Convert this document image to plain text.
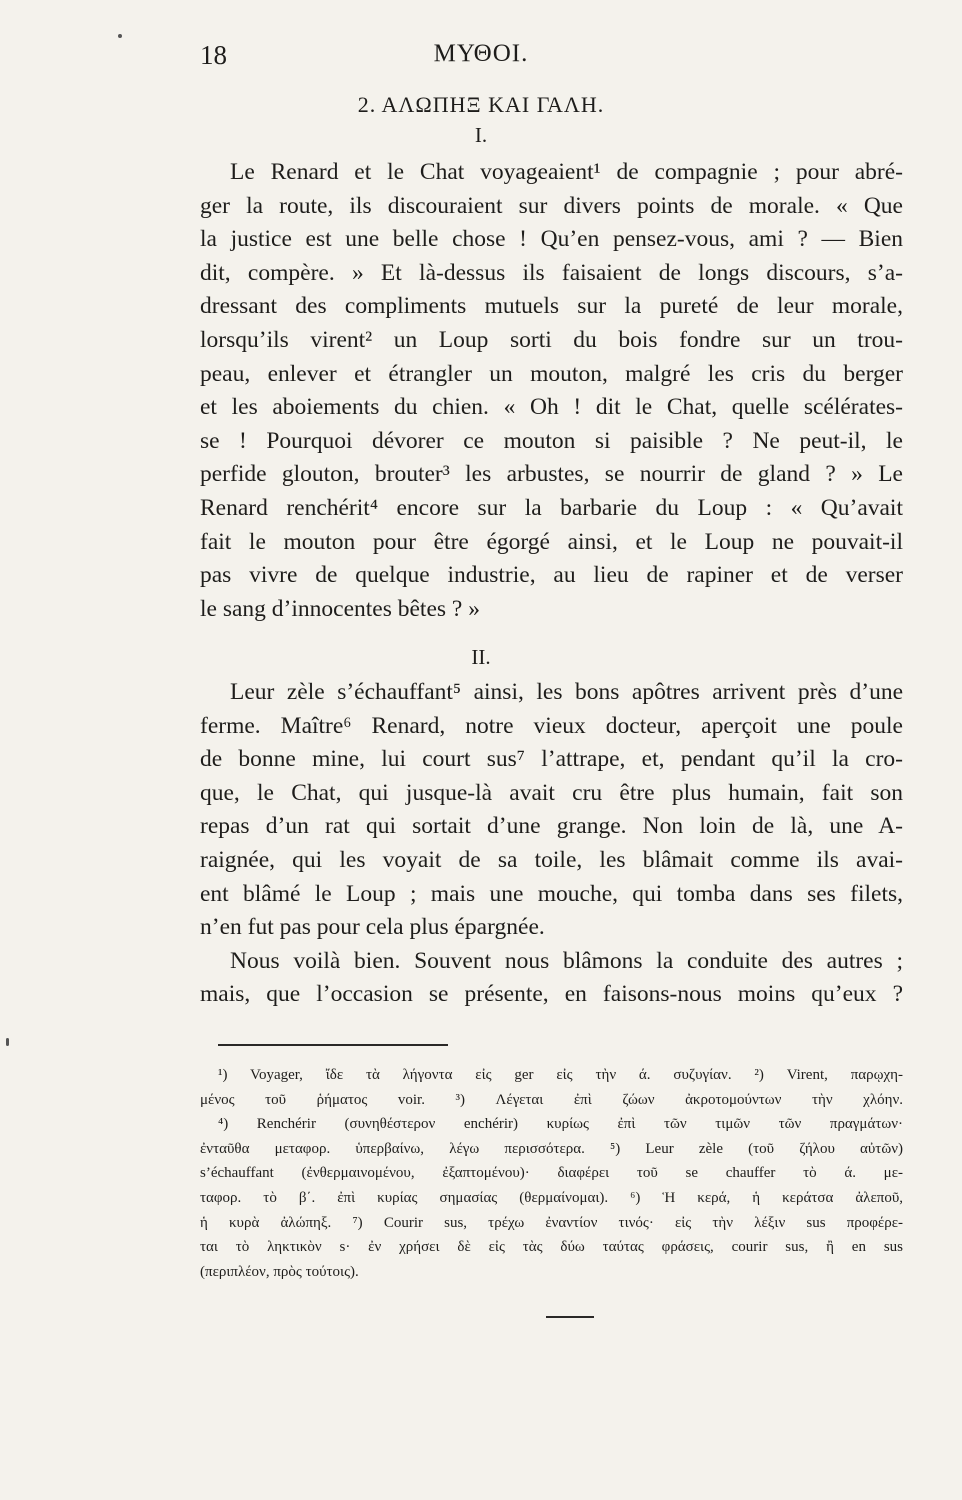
18	ΜΥΘΟΙ.
2. ΑΛΩΠΗΞ ΚΑΙ ΓΑΛΗ.
I.
Le Renard et le Chat voyageaient¹ de compagnie ; pour abré-
ger la route, ils discouraient sur divers points de morale. « Que
la justice est une belle chose ! Qu’en pensez-vous, ami ? — Bien
dit, compère. » Et là-dessus ils faisaient de longs discours, s’a-
dressant des compliments mutuels sur la pureté de leur morale,
lorsqu’ils virent² un Loup sorti du bois fondre sur un trou-
peau, enlever et étrangler un mouton, malgré les cris du berger
et les aboiements du chien. « Oh ! dit le Chat, quelle scélérates-
se ! Pourquoi dévorer ce mouton si paisible ? Ne peut-il, le
perfide glouton, brouter³ les arbustes, se nourrir de gland ? » Le
Renard renchérit⁴ encore sur la barbarie du Loup : « Qu’avait
fait le mouton pour être égorgé ainsi, et le Loup ne pouvait-il
pas vivre de quelque industrie, au lieu de rapiner et de verser
le sang d’innocentes bêtes ? »
II.
Leur zèle s’échauffant⁵ ainsi, les bons apôtres arrivent près d’une
ferme. Maître⁶ Renard, notre vieux docteur, aperçoit une poule
de bonne mine, lui court sus⁷ l’attrape, et, pendant qu’il la cro-
que, le Chat, qui jusque-là avait cru être plus humain, fait son
repas d’un rat qui sortait d’une grange. Non loin de là, une A-
raignée, qui les voyait de sa toile, les blâmait comme ils avai-
ent blâmé le Loup ; mais une mouche, qui tomba dans ses filets,
n’en fut pas pour cela plus épargnée.
Nous voilà bien. Souvent nous blâmons la conduite des autres ;
mais, que l’occasion se présente, en faisons-nous moins qu’eux ?
¹) Voyager, ἴδε τὰ λήγοντα εἰς ger εἰς τὴν ά. συζυγίαν. ²) Virent, παρῳχη-
μένος τοῦ ῥήματος voir. ³) Λέγεται ἐπὶ ζώων ἀκροτομούντων τὴν χλόην.
⁴) Renchérir (συνηθέστερον enchérir) κυρίως ἐπὶ τῶν τιμῶν τῶν πραγμάτων·
ἐνταῦθα μεταφορ. ὑπερβαίνω, λέγω περισσότερα. ⁵) Leur zèle (τοῦ ζήλου αὐτῶν)
s’échauffant (ἐνθερμαινομένου, ἐξαπτομένου)· διαφέρει τοῦ se chauffer τὸ ά. με-
ταφορ. τὸ β΄. ἐπὶ κυρίας σημασίας (θερμαίνομαι). ⁶) Ἡ κερά, ἡ κεράτσα ἀλεποῦ,
ἡ κυρὰ ἀλώπηξ. ⁷) Courir sus, τρέχω ἐναντίον τινός· εἰς τὴν λέξιν sus προφέρε-
ται τὸ ληκτικὸν s· ἐν χρήσει δὲ εἰς τὰς δύω ταύτας φράσεις, courir sus, ἢ en sus
(περιπλέον, πρὸς τούτοις).
